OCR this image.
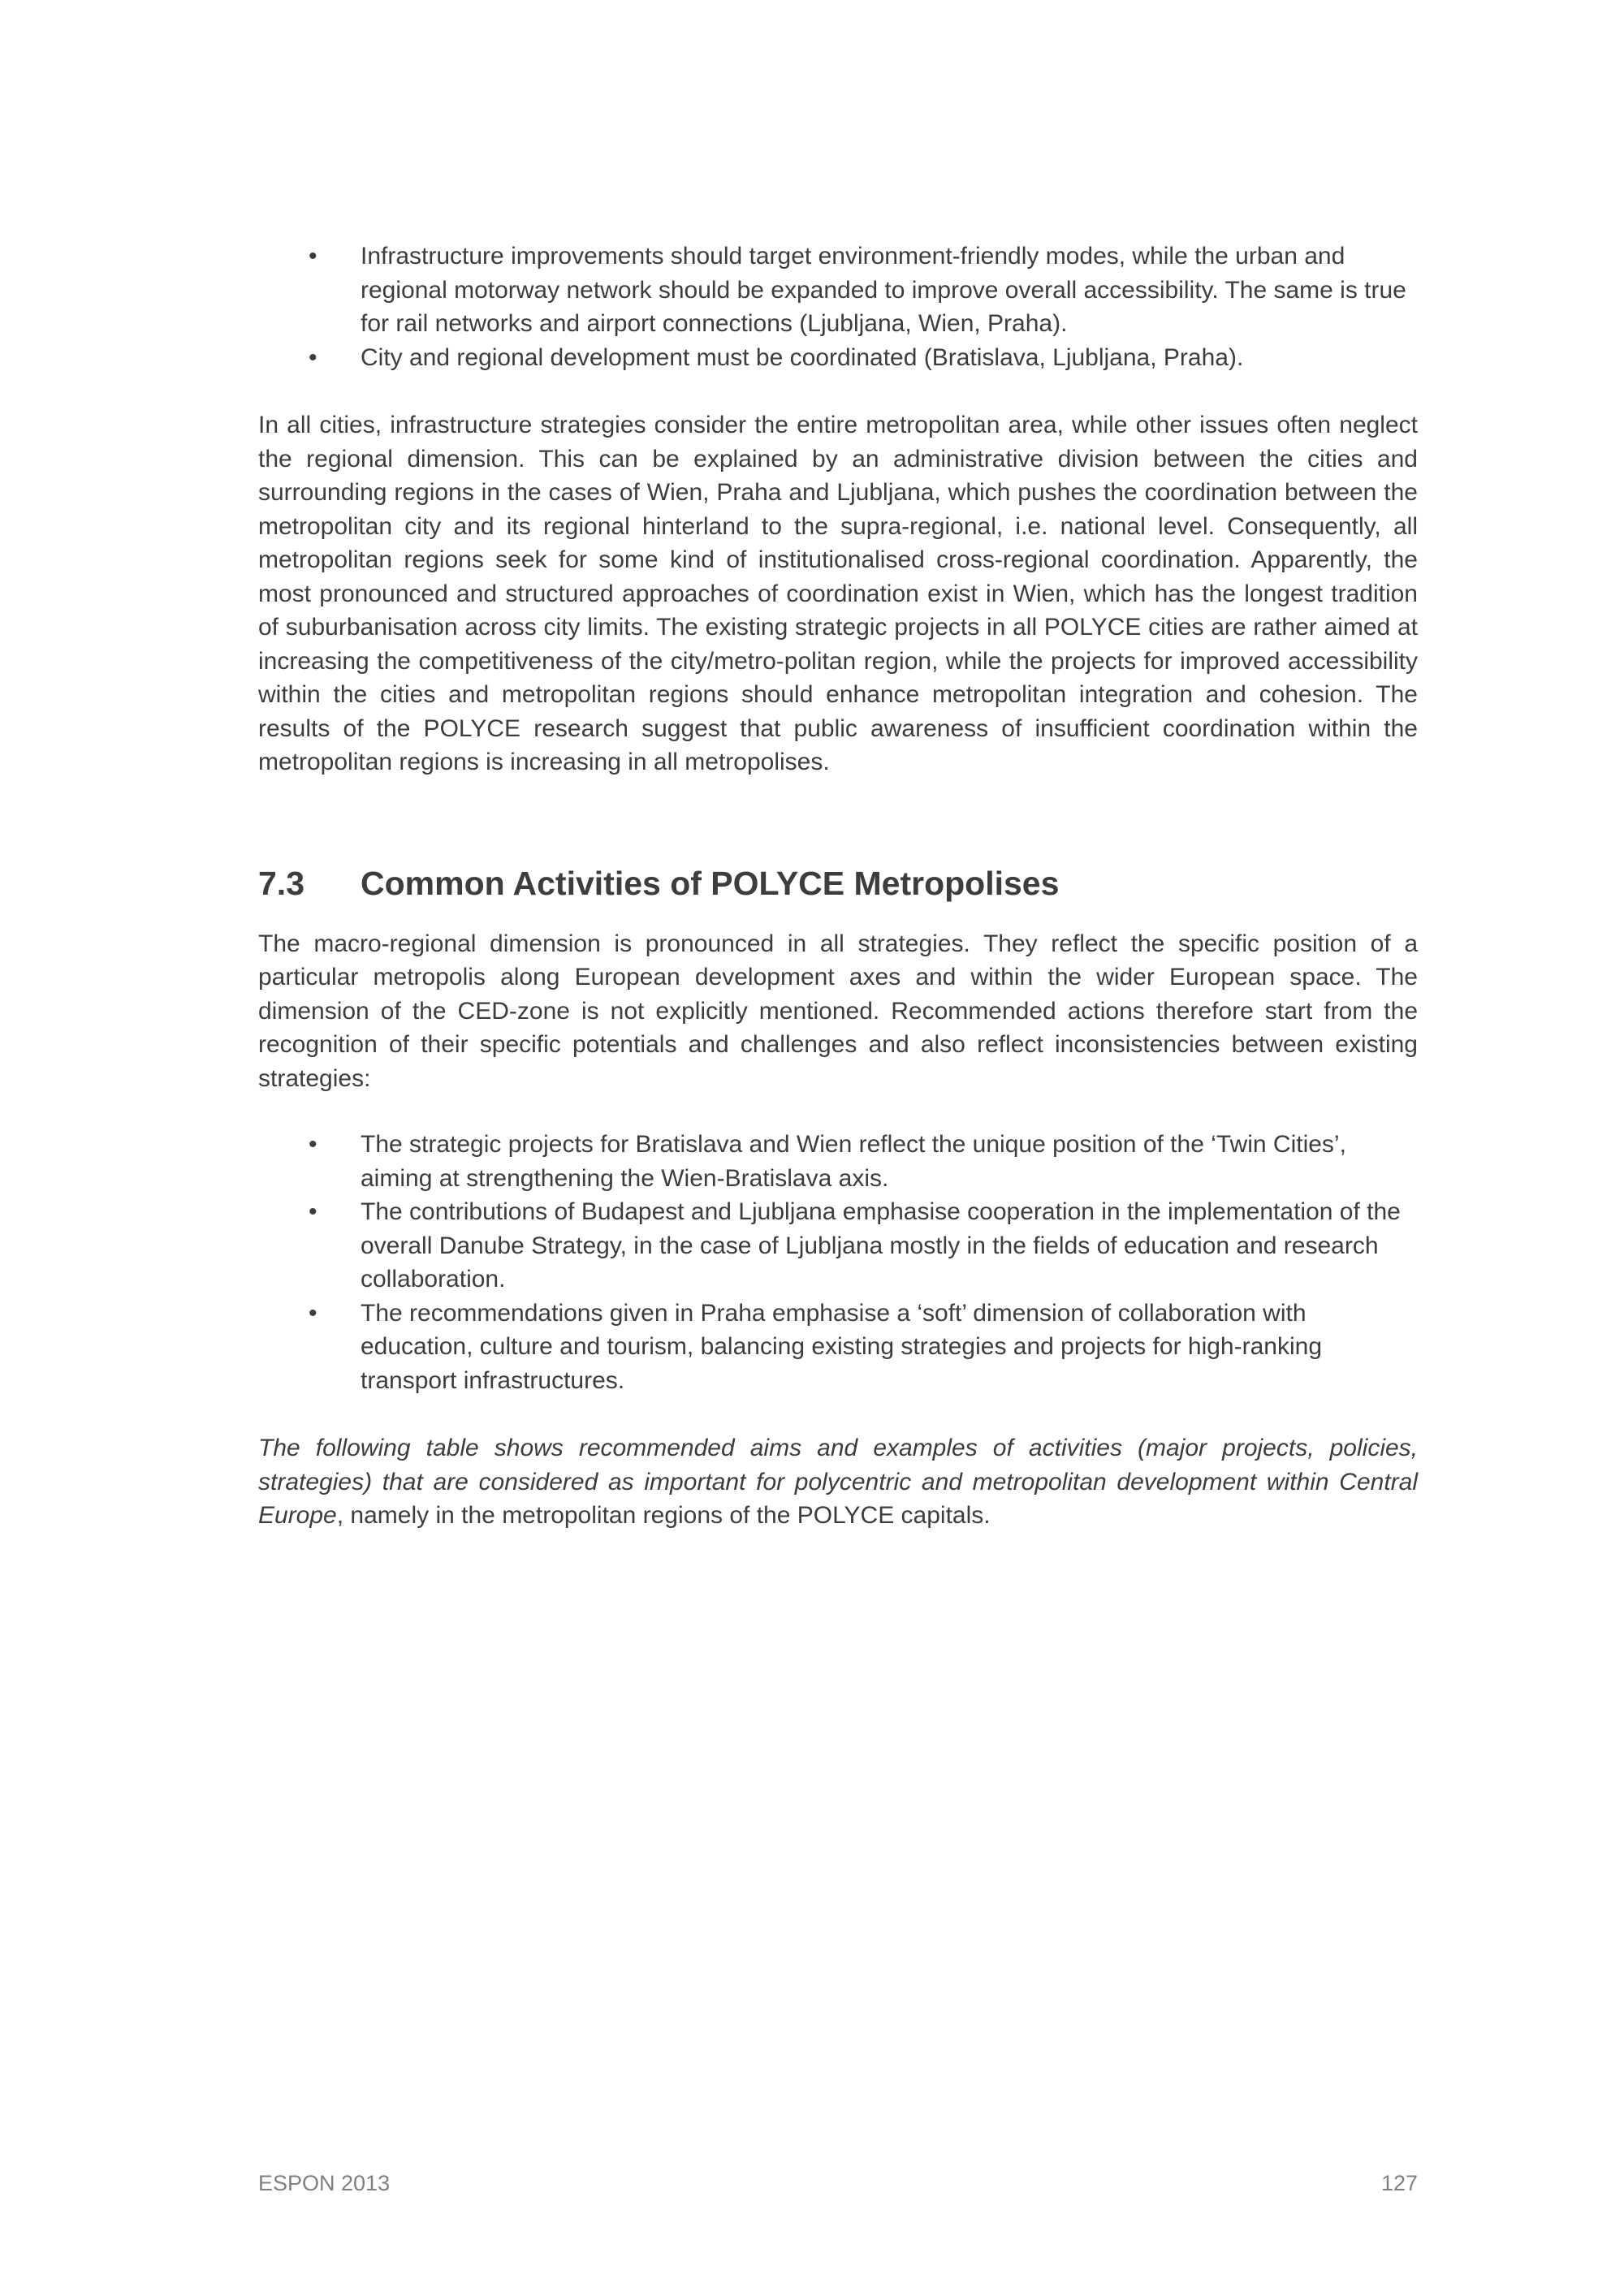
• Infrastructure improvements should target environment-friendly modes, while the urban and regional motorway network should be expanded to improve overall accessibility. The same is true for rail networks and airport connections (Ljubljana, Wien, Praha).
• City and regional development must be coordinated (Bratislava, Ljubljana, Praha).

In all cities, infrastructure strategies consider the entire metropolitan area, while other issues often neglect the regional dimension. This can be explained by an administrative division between the cities and surrounding regions in the cases of Wien, Praha and Ljubljana, which pushes the coordination between the metropolitan city and its regional hinterland to the supra-regional, i.e. national level. Consequently, all metropolitan regions seek for some kind of institutionalised cross-regional coordination. Apparently, the most pronounced and structured approaches of coordination exist in Wien, which has the longest tradition of suburbanisation across city limits. The existing strategic projects in all POLYCE cities are rather aimed at increasing the competitiveness of the city/metro-politan region, while the projects for improved accessibility within the cities and metropolitan regions should enhance metropolitan integration and cohesion. The results of the POLYCE research suggest that public awareness of insufficient coordination within the metropolitan regions is increasing in all metropolises.

7.3	Common Activities of POLYCE Metropolises

The macro-regional dimension is pronounced in all strategies. They reflect the specific position of a particular metropolis along European development axes and within the wider European space. The dimension of the CED-zone is not explicitly mentioned. Recommended actions therefore start from the recognition of their specific potentials and challenges and also reflect inconsistencies between existing strategies:

• The strategic projects for Bratislava and Wien reflect the unique position of the ‘Twin Cities’, aiming at strengthening the Wien-Bratislava axis.
• The contributions of Budapest and Ljubljana emphasise cooperation in the implementation of the overall Danube Strategy, in the case of Ljubljana mostly in the fields of education and research collaboration.
• The recommendations given in Praha emphasise a ‘soft’ dimension of collaboration with education, culture and tourism, balancing existing strategies and projects for high-ranking transport infrastructures.

The following table shows recommended aims and examples of activities (major projects, policies, strategies) that are considered as important for polycentric and metropolitan development within Central Europe, namely in the metropolitan regions of the POLYCE capitals.

ESPON 2013	127
